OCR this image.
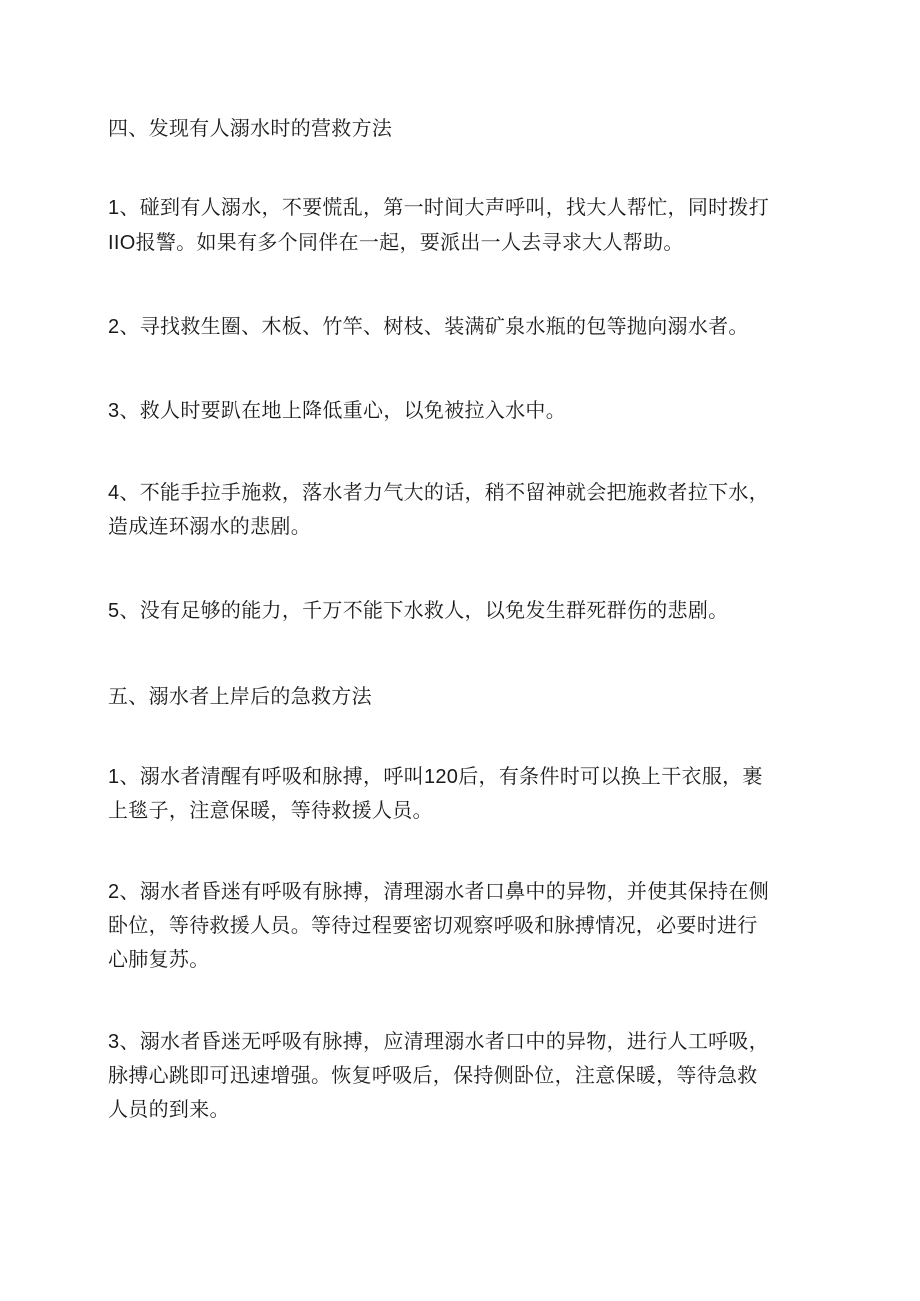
四、发现有人溺水时的营救方法

1、碰到有人溺水，不要慌乱，第一时间大声呼叫，找大人帮忙，同时拨打

IIO报警。如果有多个同伴在一起，要派出一人去寻求大人帮助。

2、寻找救生圈、木板、竹竿、树枝、装满矿泉水瓶的包等抛向溺水者。

3、救人时要趴在地上降低重心，以免被拉入水中。

4、不能手拉手施救，落水者力气大的话，稍不留神就会把施救者拉下水，

造成连环溺水的悲剧。

5、没有足够的能力，千万不能下水救人，以免发生群死群伤的悲剧。

五、溺水者上岸后的急救方法

1、溺水者清醒有呼吸和脉搏，呼叫120后，有条件时可以换上干衣服，裹

上毯子，注意保暖，等待救援人员。

2、溺水者昏迷有呼吸有脉搏，清理溺水者口鼻中的异物，并使其保持在侧

卧位，等待救援人员。等待过程要密切观察呼吸和脉搏情况，必要时进行

心肺复苏。

3、溺水者昏迷无呼吸有脉搏，应清理溺水者口中的异物，进行人工呼吸，

脉搏心跳即可迅速增强。恢复呼吸后，保持侧卧位，注意保暖，等待急救

人员的到来。
